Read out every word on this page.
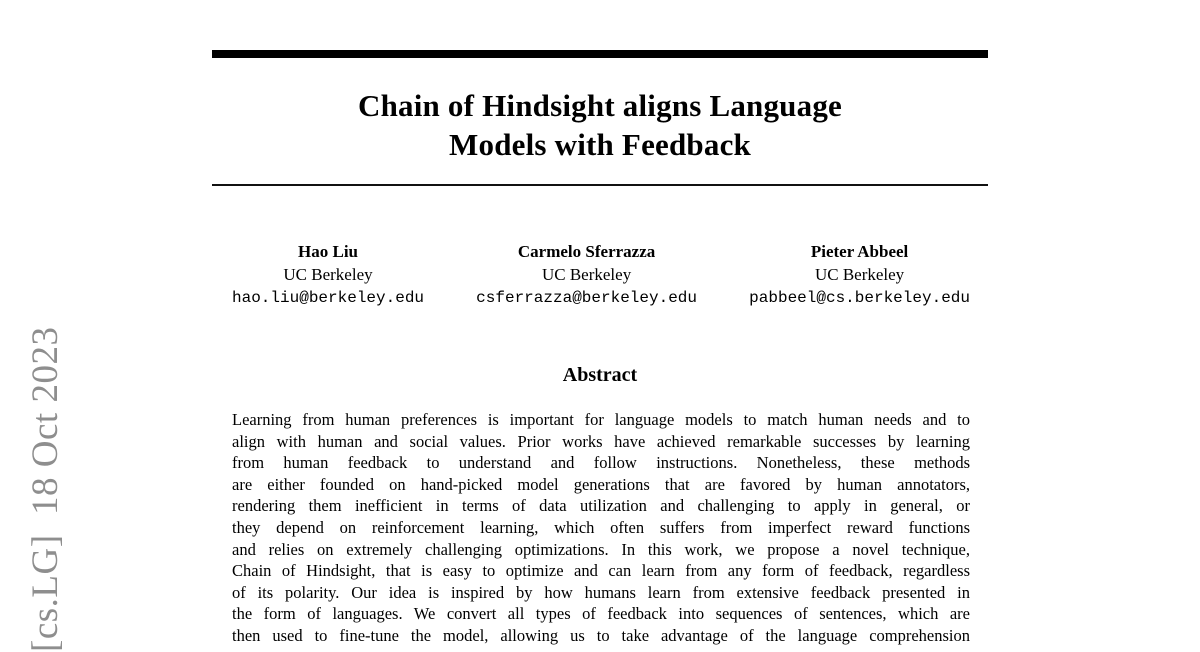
[cs.LG]  18 Oct 2023
Chain of Hindsight aligns Language
Models with Feedback
Hao Liu
UC Berkeley
hao.liu@berkeley.edu
Carmelo Sferrazza
UC Berkeley
csferrazza@berkeley.edu
Pieter Abbeel
UC Berkeley
pabbeel@cs.berkeley.edu
Abstract
Learning from human preferences is important for language models to match human needs and to
align with human and social values. Prior works have achieved remarkable successes by learning
from human feedback to understand and follow instructions. Nonetheless, these methods
are either founded on hand-picked model generations that are favored by human annotators,
rendering them inefficient in terms of data utilization and challenging to apply in general, or
they depend on reinforcement learning, which often suffers from imperfect reward functions
and relies on extremely challenging optimizations. In this work, we propose a novel technique,
Chain of Hindsight, that is easy to optimize and can learn from any form of feedback, regardless
of its polarity. Our idea is inspired by how humans learn from extensive feedback presented in
the form of languages. We convert all types of feedback into sequences of sentences, which are
then used to fine-tune the model, allowing us to take advantage of the language comprehension
